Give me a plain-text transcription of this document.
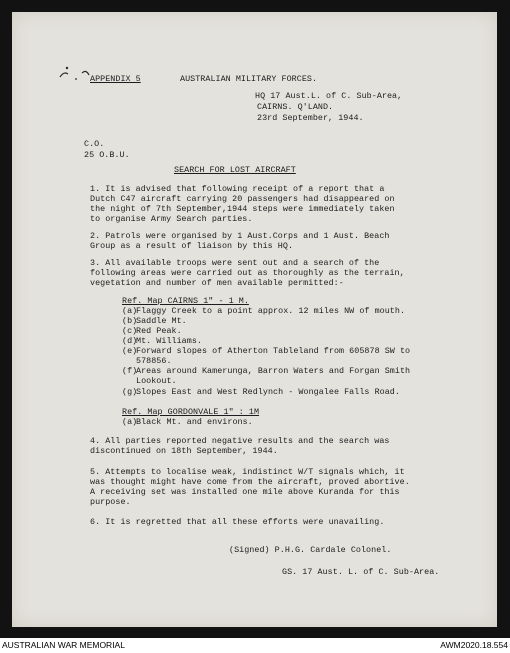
APPENDIX 5	AUSTRALIAN MILITARY FORCES.
HQ 17 Aust.L. of C. Sub-Area,
CAIRNS. Q'LAND.
23rd September, 1944.
C.O.
25 O.B.U.
SEARCH FOR LOST AIRCRAFT
1. It is advised that following receipt of a report that a
Dutch C47 aircraft carrying 20 passengers had disappeared on
the night of 7th September,1944 steps were immediately taken
to organise Army Search parties.
2. Patrols were organised by 1 Aust.Corps and 1 Aust. Beach
Group as a result of liaison by this HQ.
3. All available troops were sent out and a search of the
following areas were carried out as thoroughly as the terrain,
vegetation and number of men available permitted:-
Ref. Map CAIRNS 1" - 1 M.
(a)Flaggy Creek to a point approx. 12 miles NW of mouth.
(b)Saddle Mt.
(c)Red Peak.
(d)Mt. Williams.
(e)Forward slopes of Atherton Tableland from 605878 SW to
578856.
(f)Areas around Kamerunga, Barron Waters and Forgan Smith
Lookout.
(g)Slopes East and West Redlynch - Wongalee Falls Road.
Ref. Map GORDONVALE 1" : 1M
(a)Black Mt. and environs.
4. All parties reported negative results and the search was
discontinued on 18th September, 1944.
5. Attempts to localise weak, indistinct W/T signals which, it
was thought might have come from the aircraft, proved abortive.
A receiving set was installed one mile above Kuranda for this
purpose.
6. It is regretted that all these efforts were unavailing.
(Signed) P.H.G. Cardale Colonel.
GS. 17 Aust. L. of C. Sub-Area.
AUSTRALIAN WAR MEMORIAL	AWM2020.18.554
